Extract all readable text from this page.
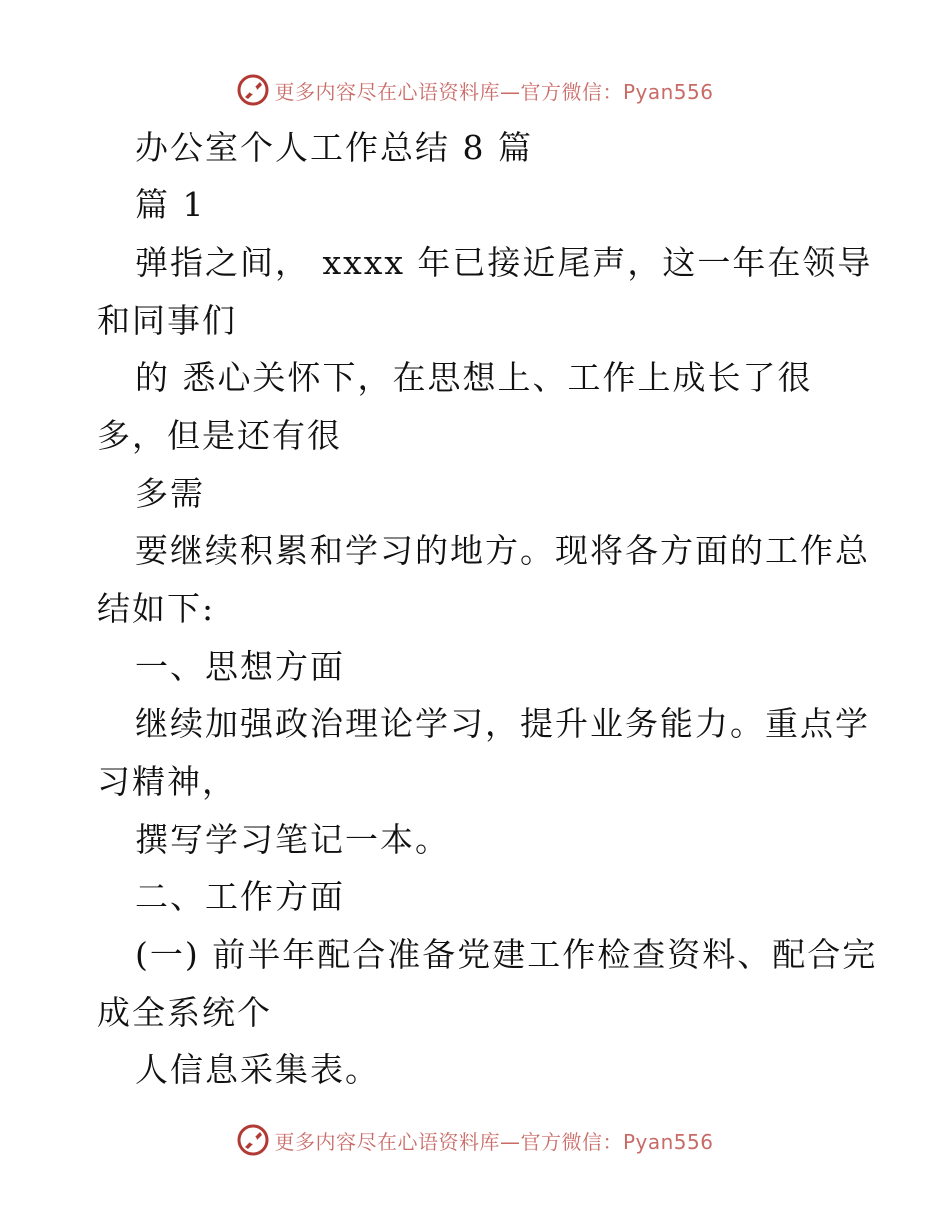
更多内容尽在心语资料库—官方微信：Pyan556
办公室个人工作总结 8 篇
篇 1
弹指之间， xxxx 年已接近尾声，这一年在领导
和同事们
的 悉心关怀下，在思想上、工作上成长了很
多，但是还有很
多需
要继续积累和学习的地方。现将各方面的工作总
结如下:
一、思想方面
继续加强政治理论学习，提升业务能力。重点学
习精神，
撰写学习笔记一本。
二、工作方面
(一) 前半年配合准备党建工作检查资料、配合完
成全系统个
人信息采集表。
更多内容尽在心语资料库—官方微信：Pyan556
